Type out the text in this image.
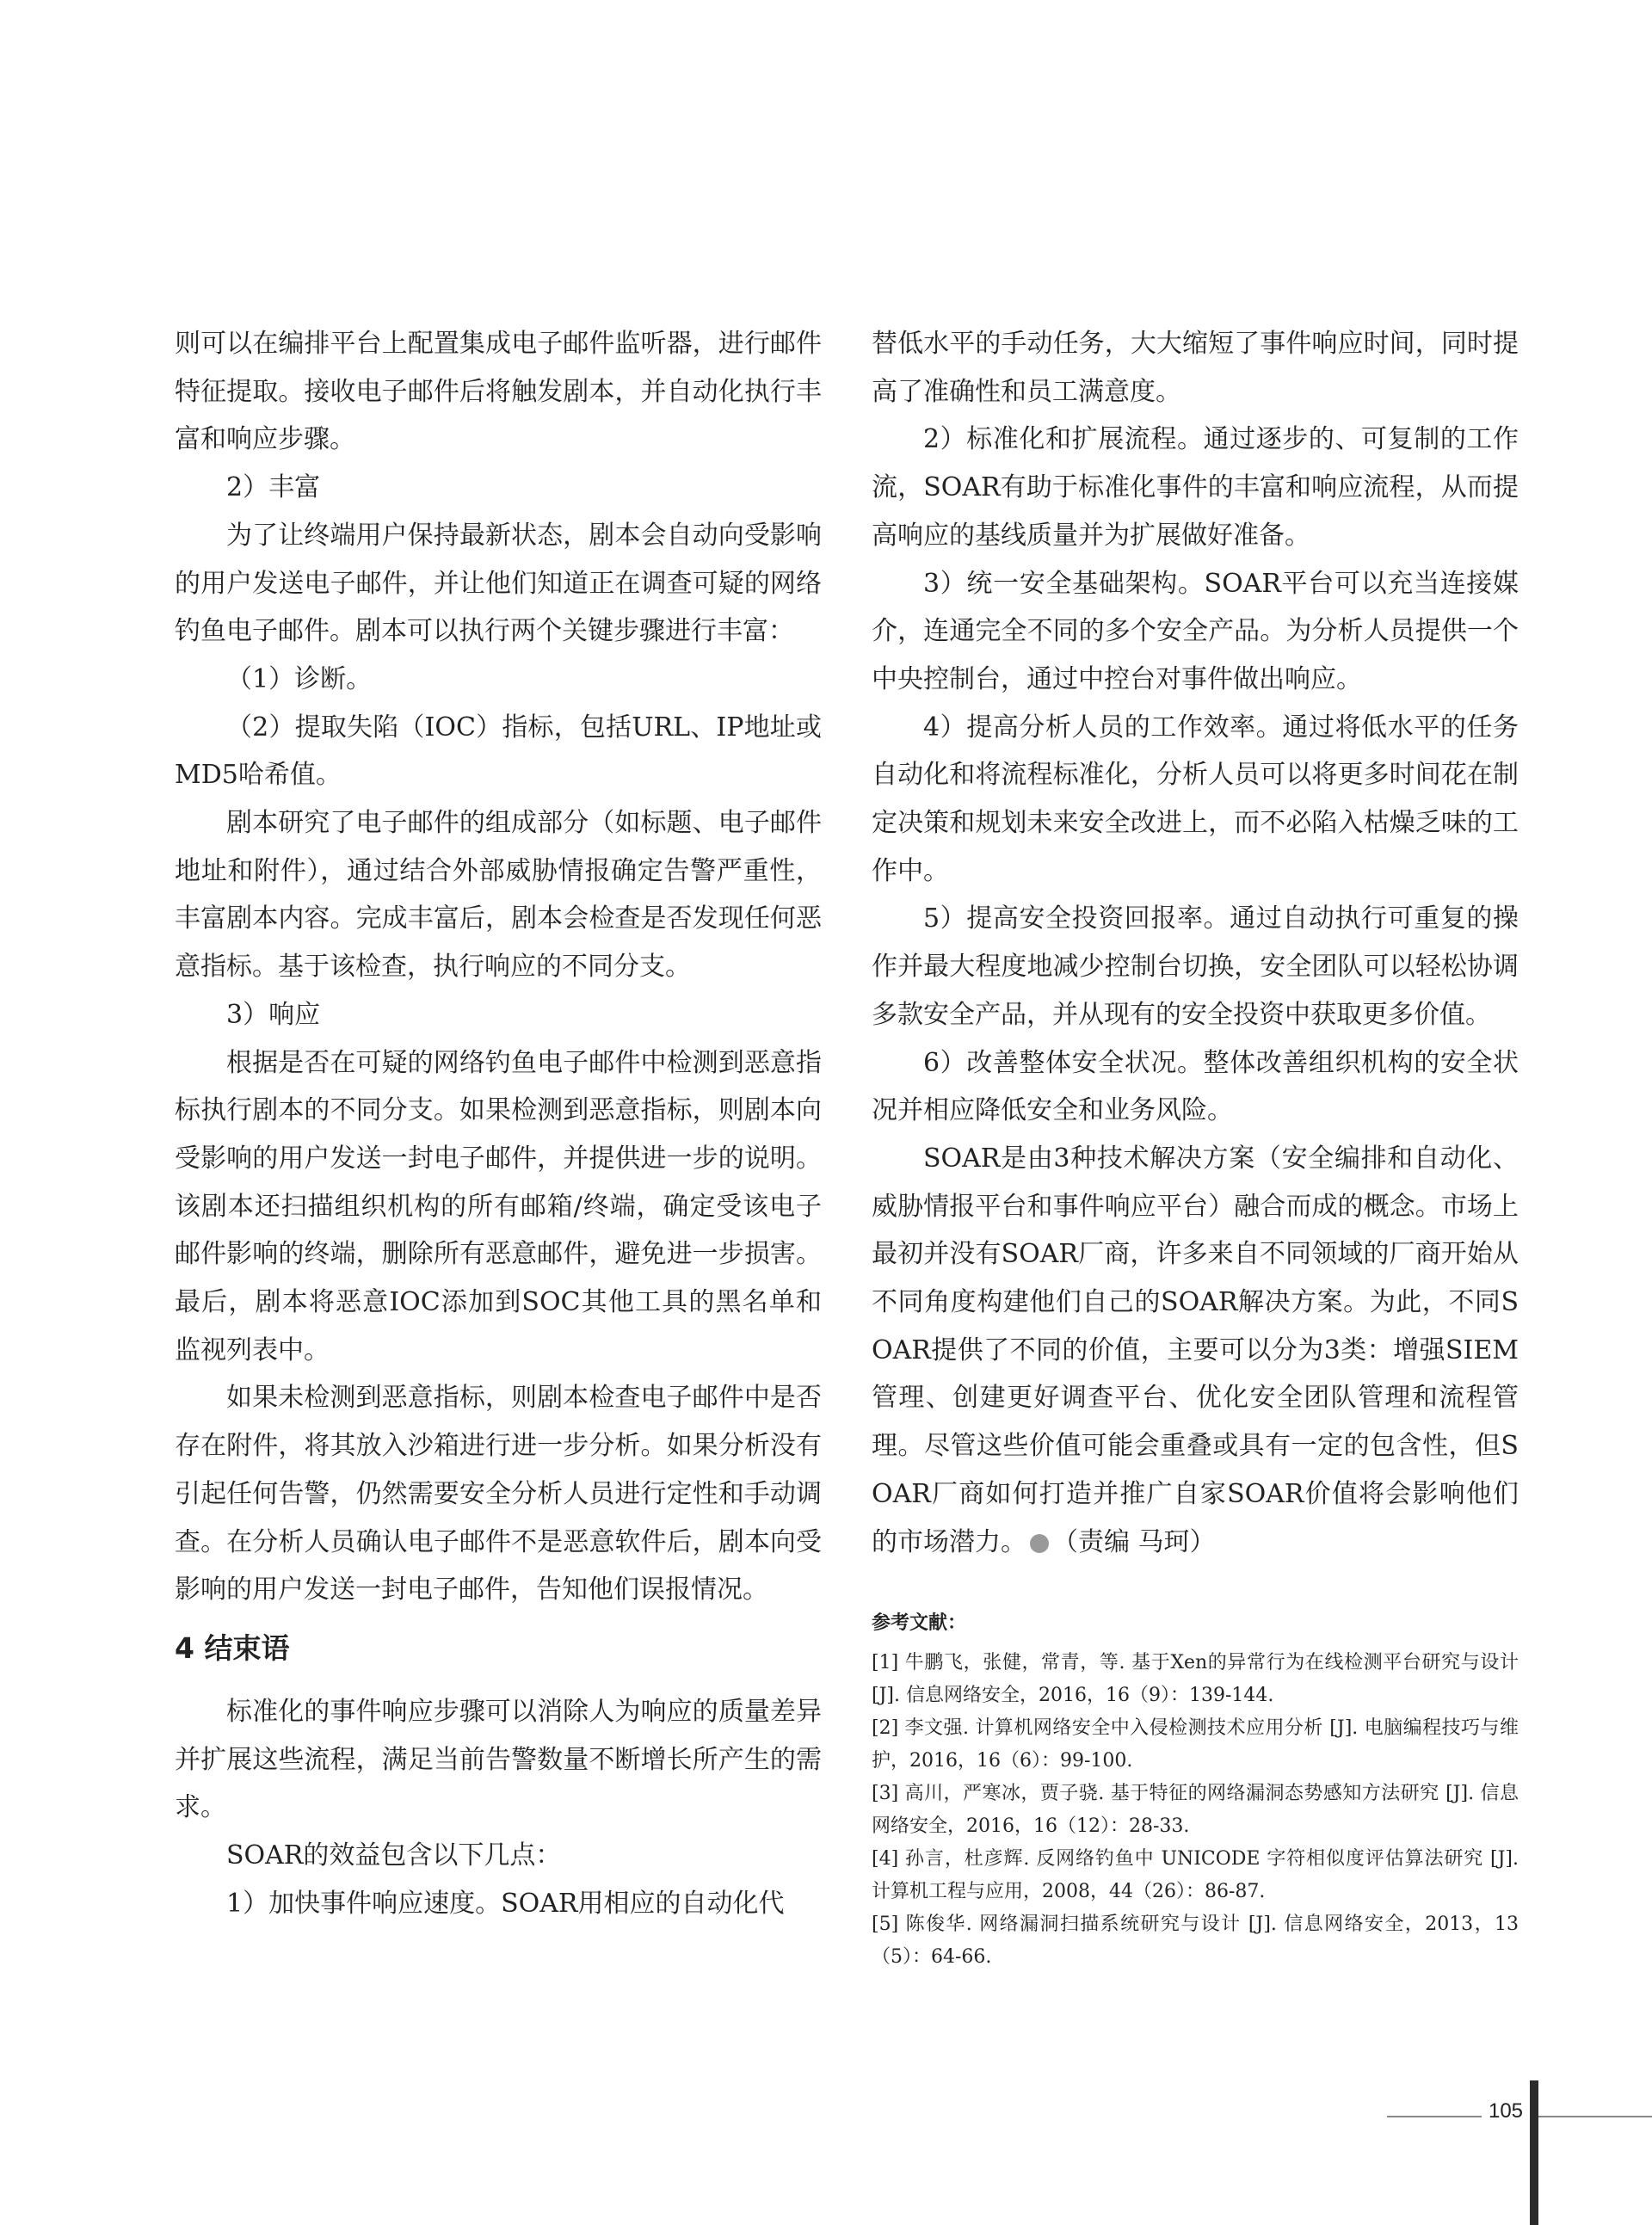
则可以在编排平台上配置集成电子邮件监听器，进行邮件特征提取。接收电子邮件后将触发剧本，并自动化执行丰富和响应步骤。

2）丰富

为了让终端用户保持最新状态，剧本会自动向受影响的用户发送电子邮件，并让他们知道正在调查可疑的网络钓鱼电子邮件。剧本可以执行两个关键步骤进行丰富：

（1）诊断。

（2）提取失陷（IOC）指标，包括URL、IP地址或MD5哈希值。

剧本研究了电子邮件的组成部分（如标题、电子邮件地址和附件），通过结合外部威胁情报确定告警严重性，丰富剧本内容。完成丰富后，剧本会检查是否发现任何恶意指标。基于该检查，执行响应的不同分支。

3）响应

根据是否在可疑的网络钓鱼电子邮件中检测到恶意指标执行剧本的不同分支。如果检测到恶意指标，则剧本向受影响的用户发送一封电子邮件，并提供进一步的说明。该剧本还扫描组织机构的所有邮箱/终端，确定受该电子邮件影响的终端，删除所有恶意邮件，避免进一步损害。最后，剧本将恶意IOC添加到SOC其他工具的黑名单和监视列表中。

如果未检测到恶意指标，则剧本检查电子邮件中是否存在附件，将其放入沙箱进行进一步分析。如果分析没有引起任何告警，仍然需要安全分析人员进行定性和手动调查。在分析人员确认电子邮件不是恶意软件后，剧本向受影响的用户发送一封电子邮件，告知他们误报情况。

4 结束语

标准化的事件响应步骤可以消除人为响应的质量差异并扩展这些流程，满足当前告警数量不断增长所产生的需求。

SOAR的效益包含以下几点：

1）加快事件响应速度。SOAR用相应的自动化代

替低水平的手动任务，大大缩短了事件响应时间，同时提高了准确性和员工满意度。

2）标准化和扩展流程。通过逐步的、可复制的工作流，SOAR有助于标准化事件的丰富和响应流程，从而提高响应的基线质量并为扩展做好准备。

3）统一安全基础架构。SOAR平台可以充当连接媒介，连通完全不同的多个安全产品。为分析人员提供一个中央控制台，通过中控台对事件做出响应。

4）提高分析人员的工作效率。通过将低水平的任务自动化和将流程标准化，分析人员可以将更多时间花在制定决策和规划未来安全改进上，而不必陷入枯燥乏味的工作中。

5）提高安全投资回报率。通过自动执行可重复的操作并最大程度地减少控制台切换，安全团队可以轻松协调多款安全产品，并从现有的安全投资中获取更多价值。

6）改善整体安全状况。整体改善组织机构的安全状况并相应降低安全和业务风险。

SOAR是由3种技术解决方案（安全编排和自动化、威胁情报平台和事件响应平台）融合而成的概念。市场上最初并没有SOAR厂商，许多来自不同领域的厂商开始从不同角度构建他们自己的SOAR解决方案。为此，不同SOAR提供了不同的价值，主要可以分为3类：增强SIEM管理、创建更好调查平台、优化安全团队管理和流程管理。尽管这些价值可能会重叠或具有一定的包含性，但SOAR厂商如何打造并推广自家SOAR价值将会影响他们的市场潜力。 （责编 马珂）

参考文献：
[1] 牛鹏飞，张健，常青，等. 基于Xen的异常行为在线检测平台研究与设计 [J]. 信息网络安全，2016，16（9）：139-144.
[2] 李文强. 计算机网络安全中入侵检测技术应用分析 [J]. 电脑编程技巧与维护，2016，16（6）：99-100.
[3] 高川，严寒冰，贾子骁. 基于特征的网络漏洞态势感知方法研究 [J]. 信息网络安全，2016，16（12）：28-33.
[4] 孙言，杜彦辉. 反网络钓鱼中 UNICODE 字符相似度评估算法研究 [J]. 计算机工程与应用，2008，44（26）：86-87.
[5] 陈俊华. 网络漏洞扫描系统研究与设计 [J]. 信息网络安全，2013，13（5）：64-66.
105
